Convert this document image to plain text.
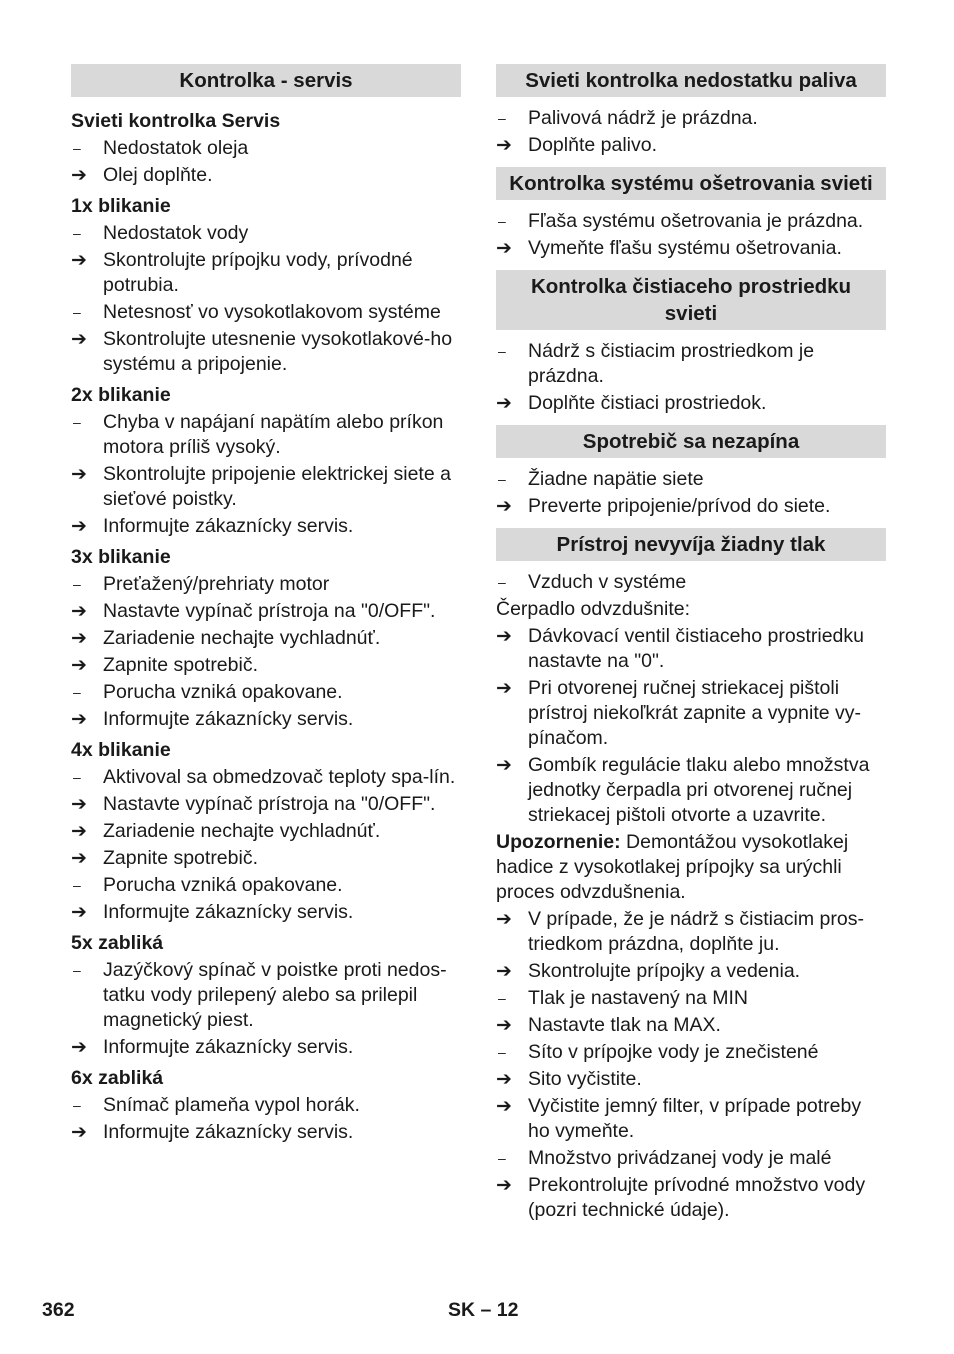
Kontrolka - servis
Svieti kontrolka Servis
–	Nedostatok oleja
➔ Olej doplňte.
1x blikanie
–	Nedostatok vody
➔ Skontrolujte prípojku vody, prívodné potrubia.
–	Netesnosť vo vysokotlakovom systéme
➔ Skontrolujte utesnenie vysokotlakové-ho systému a pripojenie.
2x blikanie
–	Chyba v napájaní napätím alebo príkon motora príliš vysoký.
➔ Skontrolujte pripojenie elektrickej siete a sieťové poistky.
➔ Informujte zákaznícky servis.
3x blikanie
–	Preťažený/prehriaty motor
➔ Nastavte vypínač prístroja na "0/OFF".
➔ Zariadenie nechajte vychladnúť.
➔ Zapnite spotrebič.
–	Porucha vzniká opakovane.
➔ Informujte zákaznícky servis.
4x blikanie
–	Aktivoval sa obmedzovač teploty spa-lín.
➔ Nastavte vypínač prístroja na "0/OFF".
➔ Zariadenie nechajte vychladnúť.
➔ Zapnite spotrebič.
–	Porucha vzniká opakovane.
➔ Informujte zákaznícky servis.
5x zabliká
–	Jazýčkový spínač v poistke proti nedos-tatku vody prilepený alebo sa prilepil magnetický piest.
➔ Informujte zákaznícky servis.
6x zabliká
–	Snímač plameňa vypol horák.
➔ Informujte zákaznícky servis.
Svieti kontrolka nedostatku paliva
–	Palivová nádrž je prázdna.
➔ Doplňte palivo.
Kontrolka systému ošetrovania svieti
–	Fľaša systému ošetrovania je prázdna.
➔ Vymeňte fľašu systému ošetrovania.
Kontrolka čistiaceho prostriedku svieti
–	Nádrž s čistiacim prostriedkom je prázdna.
➔ Doplňte čistiaci prostriedok.
Spotrebič sa nezapína
–	Žiadne napätie siete
➔ Preverte pripojenie/prívod do siete.
Prístroj nevyvíja žiadny tlak
–	Vzduch v systéme
Čerpadlo odvzdušnite:
➔ Dávkovací ventil čistiaceho prostriedku nastavte na "0".
➔ Pri otvorenej ručnej striekacej pištoli prístroj niekoľkrát zapnite a vypnite vy-pínačom.
➔ Gombík regulácie tlaku alebo množstva jednotky čerpadla pri otvorenej ručnej striekacej pištoli otvorte a uzavrite.
Upozornenie: Demontážou vysokotlakej hadice z vysokotlakej prípojky sa urýchli proces odvzdušnenia.
➔ V prípade, že je nádrž s čistiacim pros-triedkom prázdna, doplňte ju.
➔ Skontrolujte prípojky a vedenia.
–	Tlak je nastavený na MIN
➔ Nastavte tlak na MAX.
–	Síto v prípojke vody je znečistené
➔ Sito vyčistite.
➔ Vyčistite jemný filter, v prípade potreby ho vymeňte.
–	Množstvo privádzanej vody je malé
➔ Prekontrolujte prívodné množstvo vody (pozri technické údaje).
362	SK – 12
